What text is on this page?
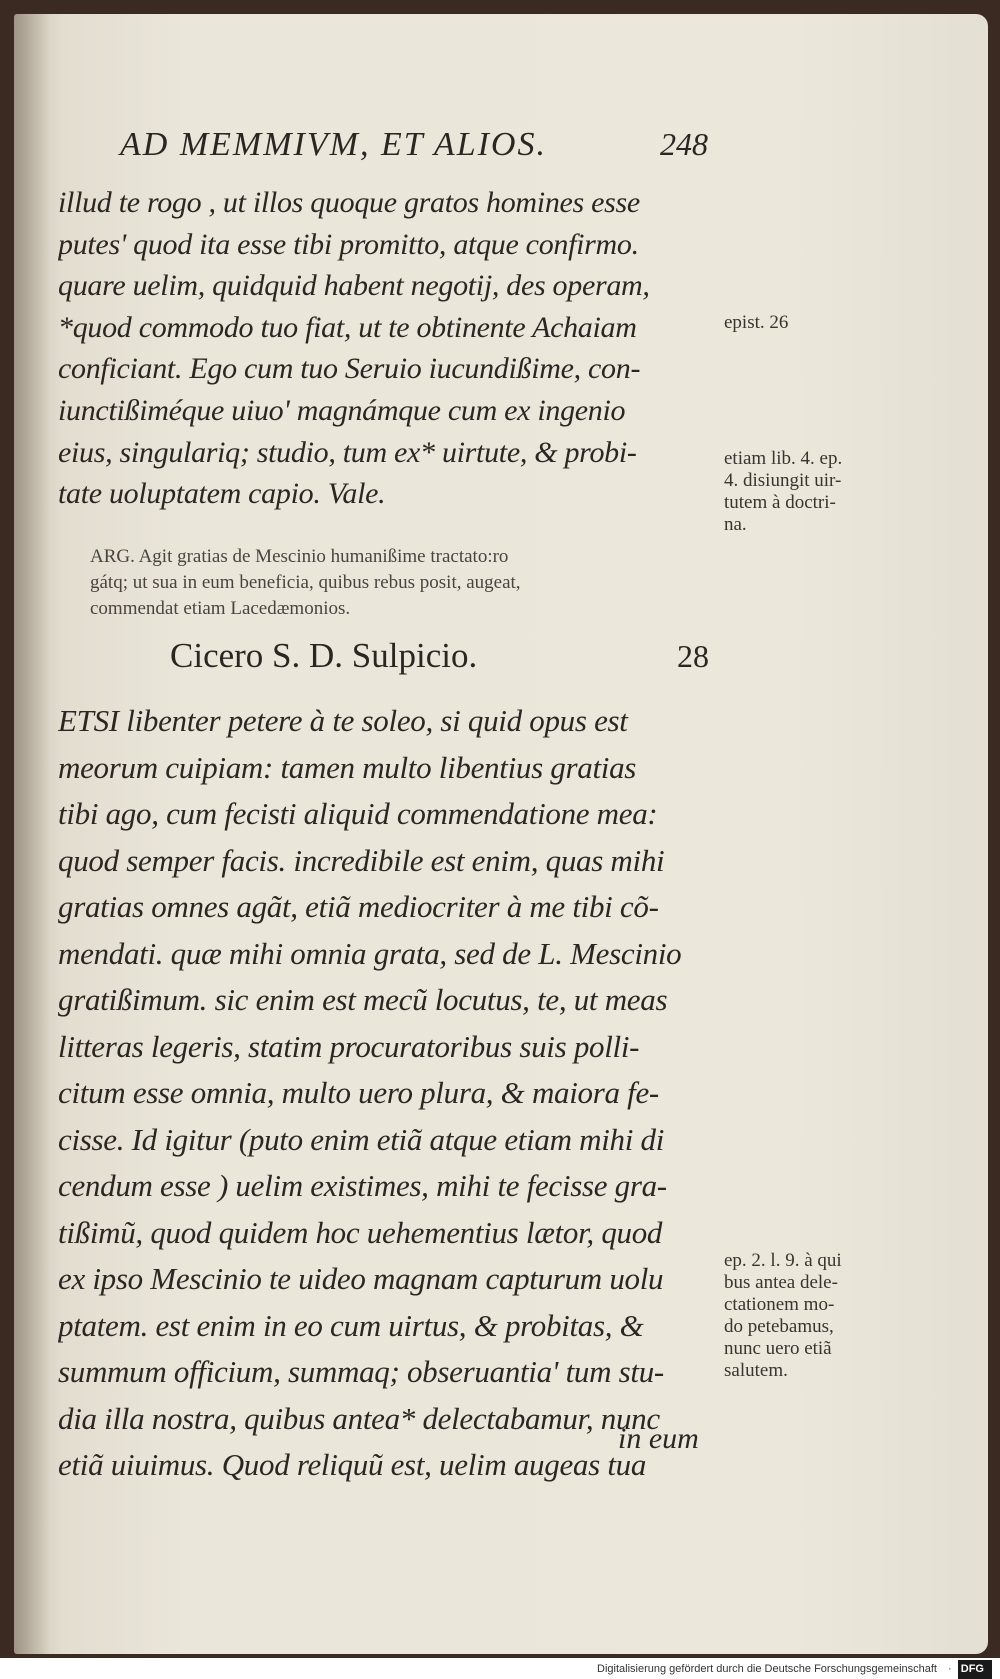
AD MEMMIVM, ET ALIOS.	248
illud te rogo , ut illos quoque gratos homines esse
putes' quod ita esse tibi promitto, atque confirmo.
quare uelim, quidquid habent negotij, des operam,
*quod commodo tuo fiat, ut te obtinente Achaiam
conficiant. Ego cum tuo Seruio iucundißime, con-
iunctißiméque uiuo' magnámque cum ex ingenio
eius, singulariq; studio, tum ex* uirtute, & probi-
tate uoluptatem capio. Vale.
ARG. Agit gratias de Mescinio humanißime tractato:ro
gátq; ut sua in eum beneficia, quibus rebus posit, augeat,
commendat etiam Lacedæmonios.
Cicero S. D. Sulpicio.	28
ETSI libenter petere à te soleo, si quid opus est
meorum cuipiam: tamen multo libentius gratias
tibi ago, cum fecisti aliquid commendatione mea:
quod semper facis. incredibile est enim, quas mihi
gratias omnes agãt, etiã mediocriter à me tibi cõ-
mendati. quæ mihi omnia grata, sed de L. Mescinio
gratißimum. sic enim est mecũ locutus, te, ut meas
litteras legeris, statim procuratoribus suis polli-
citum esse omnia, multo uero plura, & maiora fe-
cisse. Id igitur (puto enim etiã atque etiam mihi di
cendum esse ) uelim existimes, mihi te fecisse gra-
tißimũ, quod quidem hoc uehementius lætor, quod
ex ipso Mescinio te uideo magnam capturum uolu
ptatem. est enim in eo cum uirtus, & probitas, &
summum officium, summaq; obseruantia' tum stu-
dia illa nostra, quibus antea* delectabamur, nunc
etiã uiuimus. Quod reliquũ est, uelim augeas tua
in eum
epist. 26
etiam lib. 4. ep.
4. disiungit uir-
tutem à doctri-
na.
ep. 2. l. 9. à qui
bus antea dele-
ctationem mo-
do petebamus,
nunc uero etiã
salutem.
Digitalisierung gefördert durch die Deutsche Forschungsgemeinschaft · DFG
